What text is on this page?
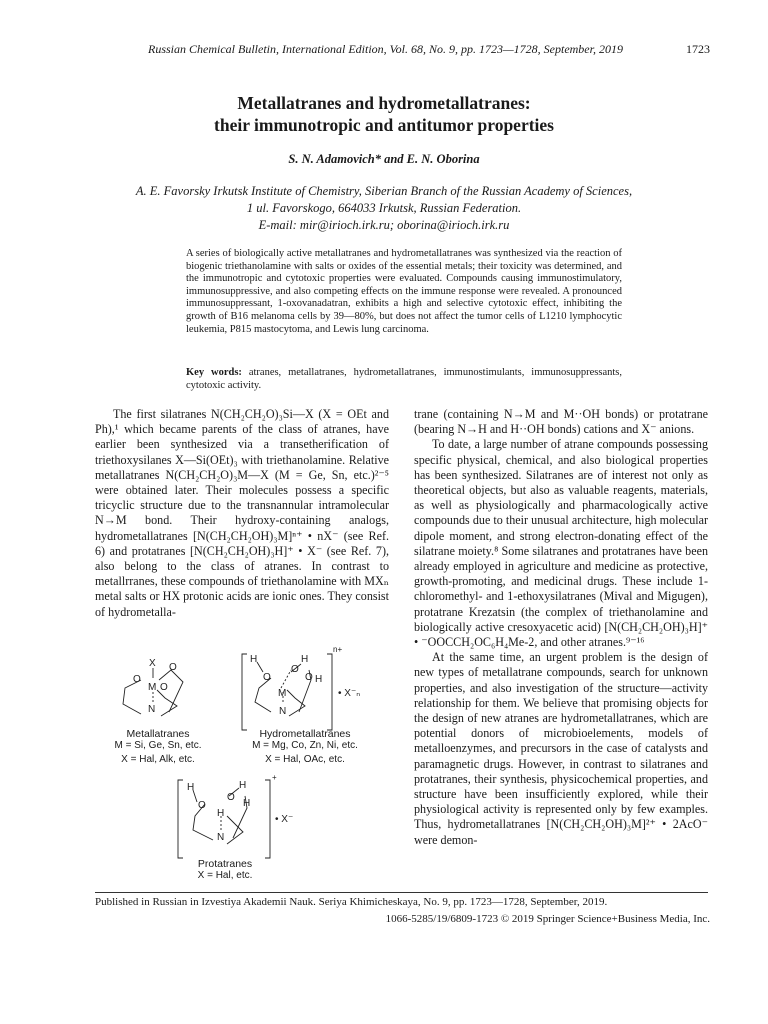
Russian Chemical Bulletin, International Edition, Vol. 68, No. 9, pp. 1723—1728, September, 2019	1723
Metallatranes and hydrometallatranes:
their immunotropic and antitumor properties
S. N. Adamovich* and E. N. Oborina
A. E. Favorsky Irkutsk Institute of Chemistry, Siberian Branch of the Russian Academy of Sciences,
1 ul. Favorskogo, 664033 Irkutsk, Russian Federation.
E-mail: mir@irioch.irk.ru; oborina@irioch.irk.ru
A series of biologically active metallatranes and hydrometallatranes was synthesized via the reaction of biogenic triethanolamine with salts or oxides of the essential metals; their toxicity was determined, and the immunotropic and cytotoxic properties were evaluated. Compounds causing immunostimulatory, immunosuppressive, and also competing effects on the immune response were revealed. A pronounced immunosuppressant, 1-oxovanadatran, exhibits a high and selective cytotoxic effect, inhibiting the growth of B16 melanoma cells by 39—80%, but does not affect the tumor cells of L1210 lymphocytic leukemia, P815 mastocytoma, and Lewis lung carcinoma.
Key words: atranes, metallatranes, hydrometallatranes, immunostimulants, immunosuppressants, cytotoxic activity.

The first silatranes N(CH₂CH₂O)₃Si—X (X = OEt and Ph),¹ which became parents of the class of atranes, have earlier been synthesized via a transetherification of triethoxysilanes X—Si(OEt)₃ with triethanolamine. Relative metallatranes N(CH₂CH₂O)₃M—X (M = Ge, Sn, etc.)²⁻⁵ were obtained later. Their molecules possess a specific tricyclic structure due to the transnannular intramolecular N→M bond. Their hydroxy-containing analogs, hydrometallatranes [N(CH₂CH₂OH)₃M]ⁿ⁺ • nX⁻ (see Ref. 6) and protatranes [N(CH₂CH₂OH)₃H]⁺ • X⁻ (see Ref. 7), also belong to the class of atranes. In contrast to metallrranes, these compounds of triethanolamine with MXₙ metal salts or HX protonic acids are ionic ones. They consist of hydrometalla-

trane (containing N→M and M··OH bonds) or protatrane (bearing N→H and H··OH bonds) cations and X⁻ anions.

To date, a large number of atrane compounds possessing specific physical, chemical, and also biological properties has been synthesized. Silatranes are of interest not only as theoretical objects, but also as valuable reagents, materials, as well as physiologically and pharmacologically active compounds due to their unusual architecture, high molecular dipole moment, and strong electron-donating effect of the silatrane moiety.⁸ Some silatranes and protatranes have been already employed in agriculture and medicine as protective, growth-promoting, and medicinal drugs. These include 1-chloromethyl- and 1-ethoxysilatranes (Mival and Migugen), protatrane Krezatsin (the complex of triethanolamine and biologically active cresoxyacetic acid) [N(CH₂CH₂OH)₃H]⁺ • ⁻OOCCH₂OC₆H₄Me-2, and other atranes.⁹⁻¹⁶

At the same time, an urgent problem is the design of new types of metallatrane compounds, search for unknown properties, and also investigation of the structure—activity relationship for them. We believe that promising objects for the design of new atranes are hydrometallatranes, which are potential donors of microbioelements, models of metalloenzymes, and precursors in the case of catalysts and paramagnetic drugs. However, in contrast to silatranes and protatranes, their synthesis, physicochemical properties, and structure have been insufficiently explored, while their physiological activity is represented only by few examples. Thus, hydrometallatranes [N(CH₂CH₂OH)₃M]²⁺ • 2AcO⁻ were demon-

X
M
N
O
O
O
H
O
M
N
O
H
O H
n+
• X⁻ₙ
H
O
H
N
O
H
H
+
• X⁻
Metallatranes
M = Si, Ge, Sn, etc.
X = Hal, Alk, etc.
Hydrometallatranes
M = Mg, Co, Zn, Ni, etc.
X = Hal, OAc, etc.
Protatranes
X = Hal, etc.
Published in Russian in Izvestiya Akademii Nauk. Seriya Khimicheskaya, No. 9, pp. 1723—1728, September, 2019.
1066-5285/19/6809-1723 © 2019 Springer Science+Business Media, Inc.
